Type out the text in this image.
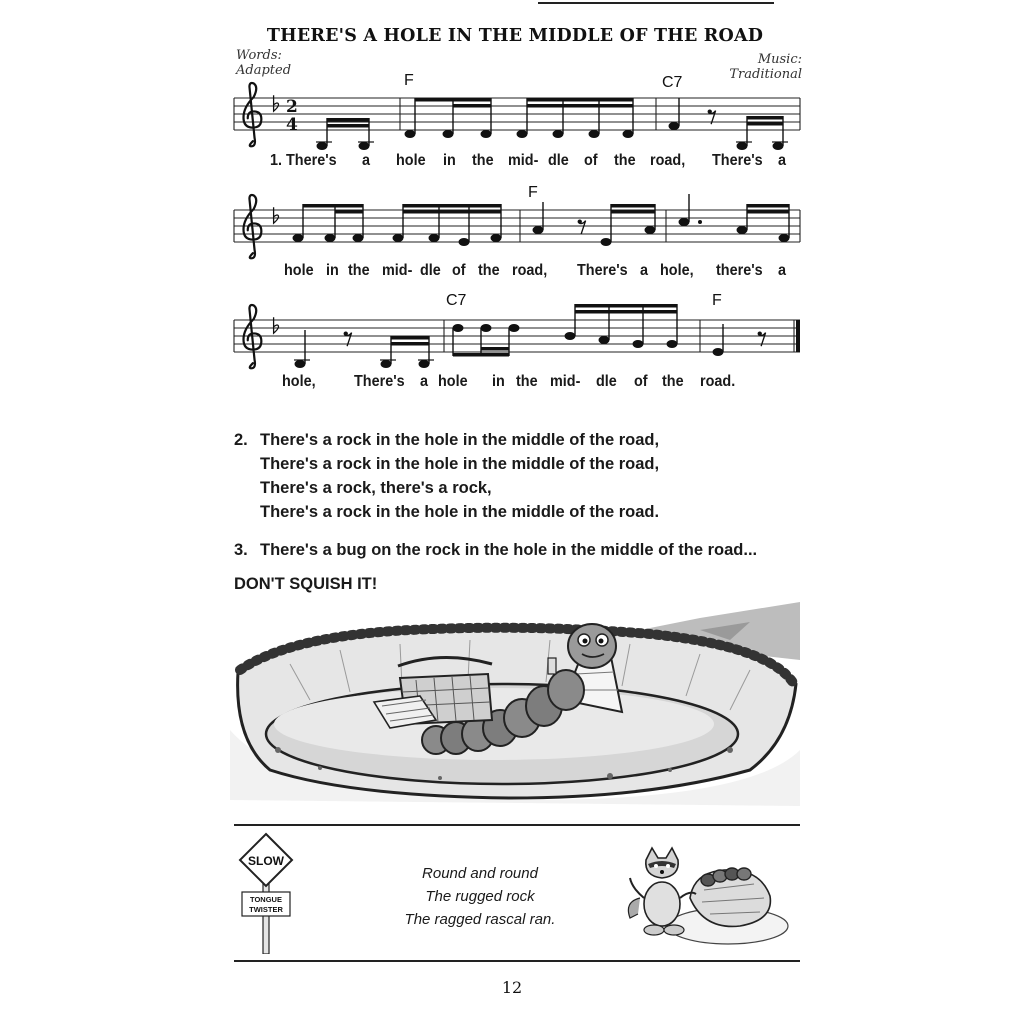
THERE'S A HOLE IN THE MIDDLE OF THE ROAD
Words:
Adapted
Music:
Traditional
2
4
F	C7
F
C7	F
1. There's a hole in the mid- dle of the road, There's a
hole in the mid- dle of the road, There's a hole, there's a
hole, There's a hole in the mid- dle of the road.
2. There's a rock in the hole in the middle of the road,
There's a rock in the hole in the middle of the road,
There's a rock, there's a rock,
There's a rock in the hole in the middle of the road.
3. There's a bug on the rock in the hole in the middle of the road...
DON'T SQUISH IT!
SLOW
TONGUE
TWISTER
Round and round
The rugged rock
The ragged rascal ran.
12
